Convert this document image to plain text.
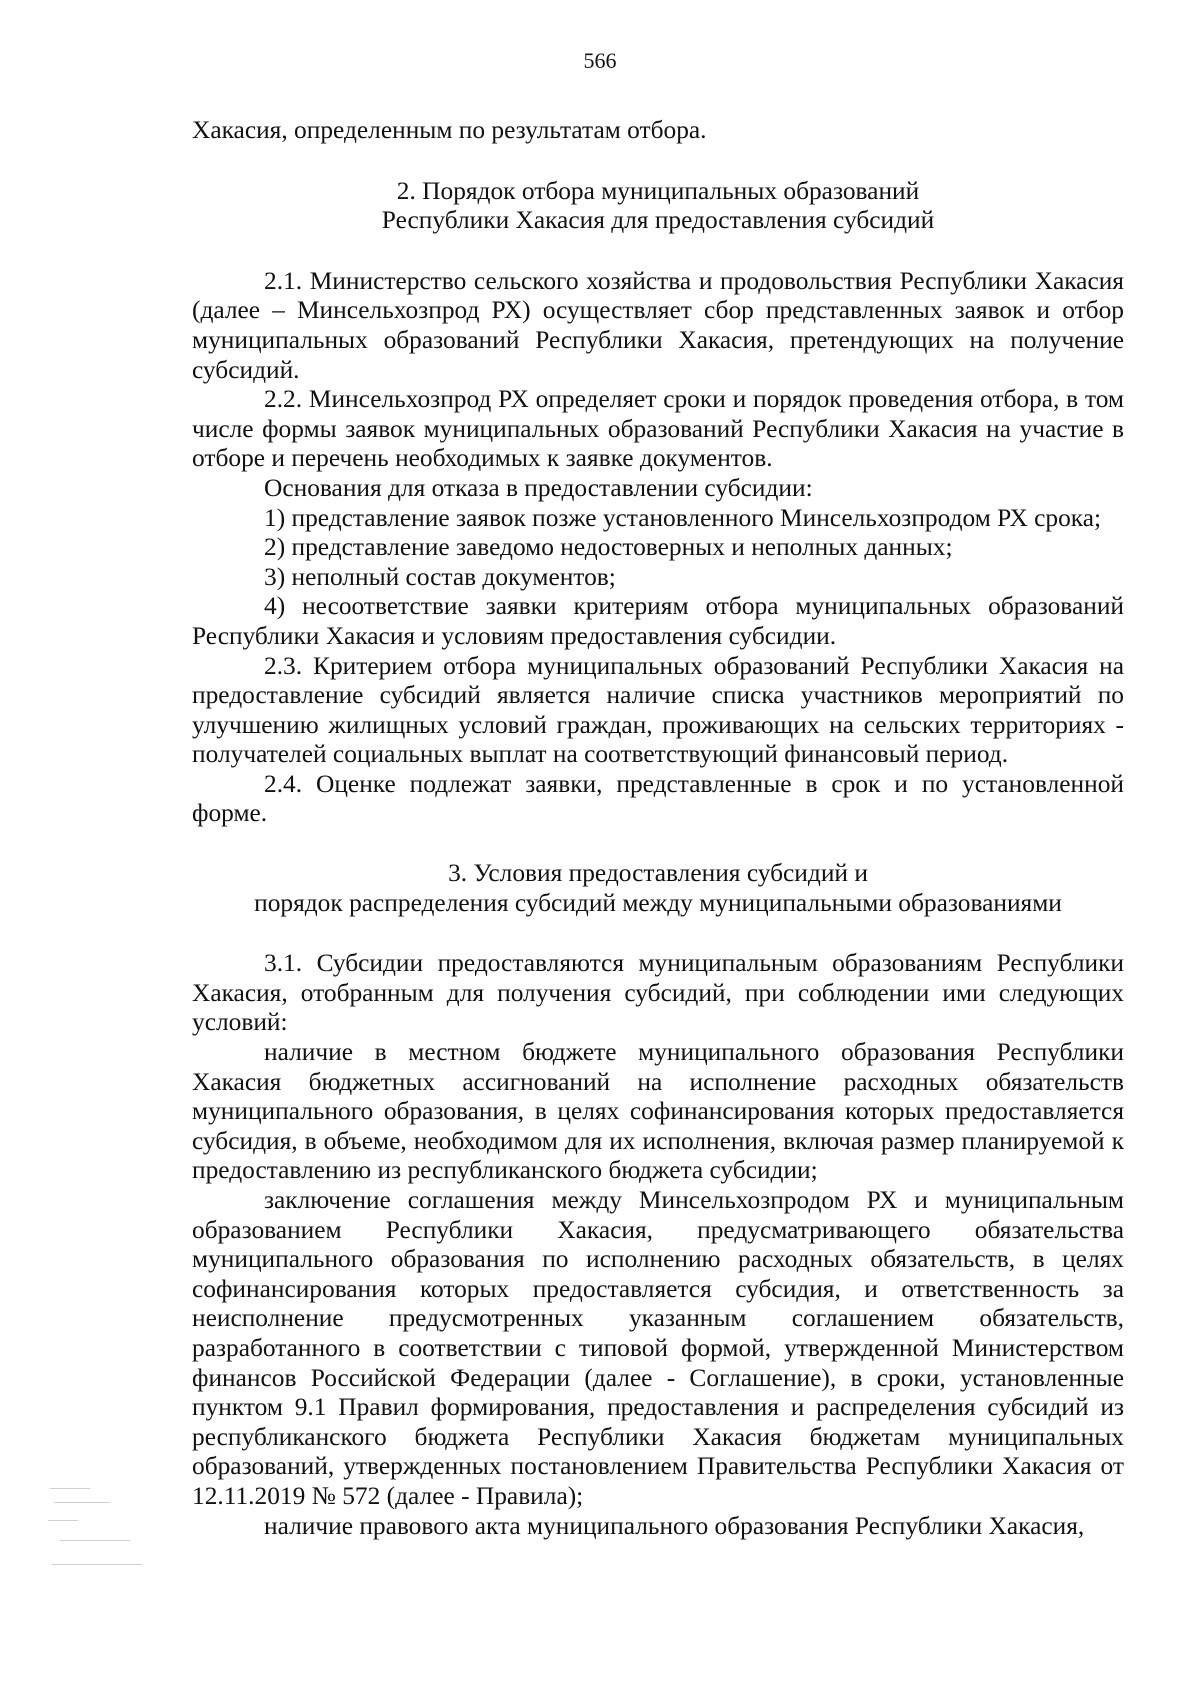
566

Хакасия, определенным по результатам отбора.

2. Порядок отбора муниципальных образований
Республики Хакасия для предоставления субсидий

2.1. Министерство сельского хозяйства и продовольствия Республики Хакасия (далее – Минсельхозпрод РХ) осуществляет сбор представленных заявок и отбор муниципальных образований Республики Хакасия, претендующих на получение субсидий.

2.2. Минсельхозпрод РХ определяет сроки и порядок проведения отбора, в том числе формы заявок муниципальных образований Республики Хакасия на участие в отборе и перечень необходимых к заявке документов.

Основания для отказа в предоставлении субсидии:

1) представление заявок позже установленного Минсельхозпродом РХ срока;

2) представление заведомо недостоверных и неполных данных;

3) неполный состав документов;

4) несоответствие заявки критериям отбора муниципальных образований Республики Хакасия и условиям предоставления субсидии.

2.3. Критерием отбора муниципальных образований Республики Хакасия на предоставление субсидий является наличие списка участников мероприятий по улучшению жилищных условий граждан, проживающих на сельских территориях - получателей социальных выплат на соответствующий финансовый период.

2.4. Оценке подлежат заявки, представленные в срок и по установленной форме.

3. Условия предоставления субсидий и
порядок распределения субсидий между муниципальными образованиями

3.1. Субсидии предоставляются муниципальным образованиям Республики Хакасия, отобранным для получения субсидий, при соблюдении ими следующих условий:

наличие в местном бюджете муниципального образования Республики Хакасия бюджетных ассигнований на исполнение расходных обязательств муниципального образования, в целях софинансирования которых предоставляется субсидия, в объеме, необходимом для их исполнения, включая размер планируемой к предоставлению из республиканского бюджета субсидии;

заключение соглашения между Минсельхозпродом РХ и муниципальным образованием Республики Хакасия, предусматривающего обязательства муниципального образования по исполнению расходных обязательств, в целях софинансирования которых предоставляется субсидия, и ответственность за неисполнение предусмотренных указанным соглашением обязательств, разработанного в соответствии с типовой формой, утвержденной Министерством финансов Российской Федерации (далее - Соглашение), в сроки, установленные пунктом 9.1 Правил формирования, предоставления и распределения субсидий из республиканского бюджета Республики Хакасия бюджетам муниципальных образований, утвержденных постановлением Правительства Республики Хакасия от 12.11.2019 № 572 (далее - Правила);

наличие правового акта муниципального образования Республики Хакасия,
